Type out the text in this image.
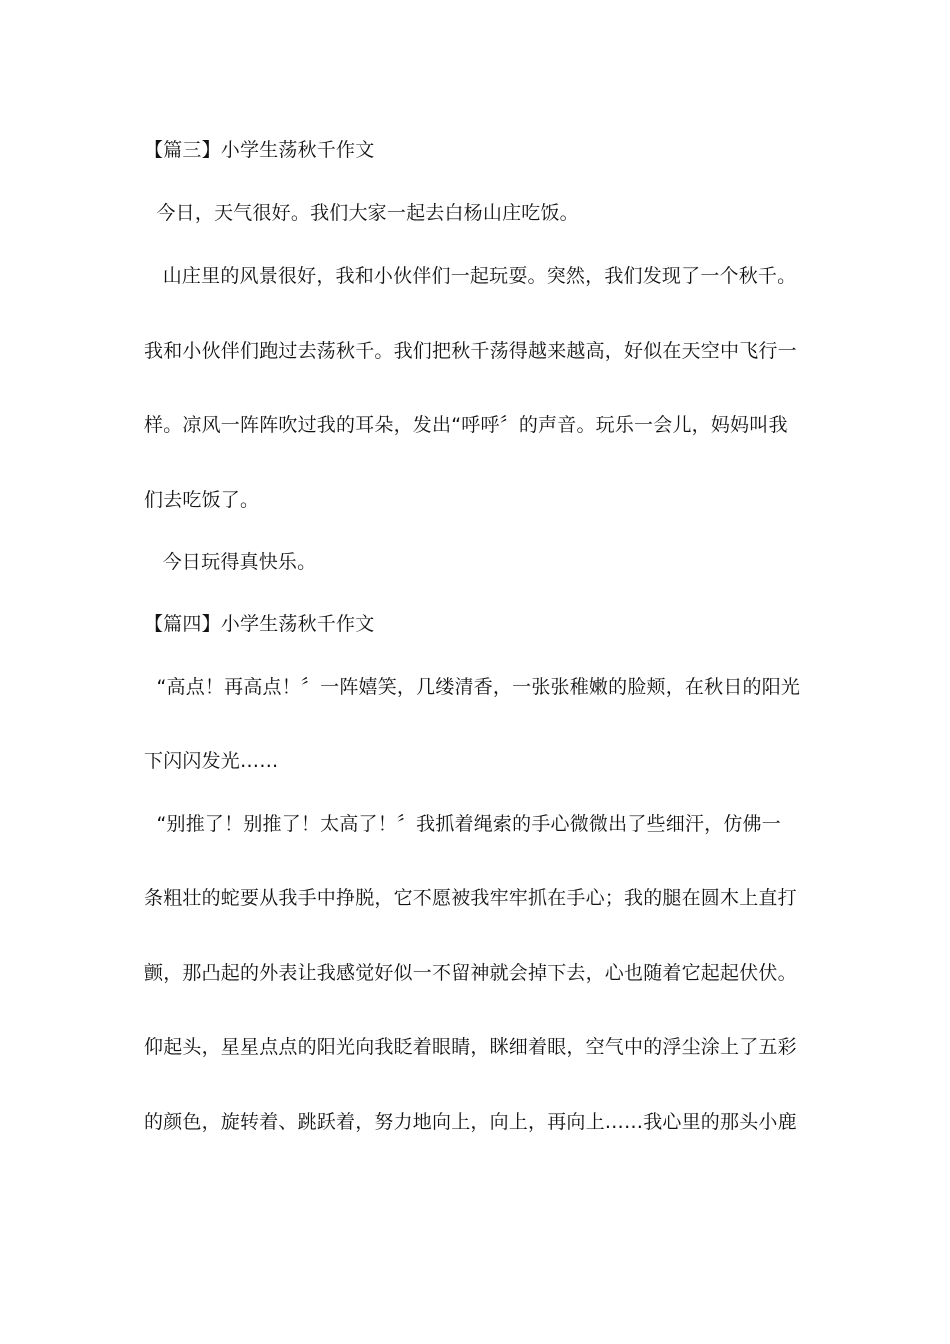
【篇三】小学生荡秋千作文
今日，天气很好。我们大家一起去白杨山庄吃饭。
山庄里的风景很好，我和小伙伴们一起玩耍。突然，我们发现了一个秋千。
我和小伙伴们跑过去荡秋千。我们把秋千荡得越来越高，好似在天空中飞行一
样。凉风一阵阵吹过我的耳朵，发出“呼呼〞的声音。玩乐一会儿，妈妈叫我
们去吃饭了。
今日玩得真快乐。
【篇四】小学生荡秋千作文
“高点！再高点！〞一阵嬉笑，几缕清香，一张张稚嫩的脸颊，在秋日的阳光
下闪闪发光……
“别推了！别推了！太高了！〞我抓着绳索的手心微微出了些细汗，仿佛一
条粗壮的蛇要从我手中挣脱，它不愿被我牢牢抓在手心；我的腿在圆木上直打
颤，那凸起的外表让我感觉好似一不留神就会掉下去，心也随着它起起伏伏。
仰起头，星星点点的阳光向我眨着眼睛，眯细着眼，空气中的浮尘涂上了五彩
的颜色，旋转着、跳跃着，努力地向上，向上，再向上……我心里的那头小鹿
